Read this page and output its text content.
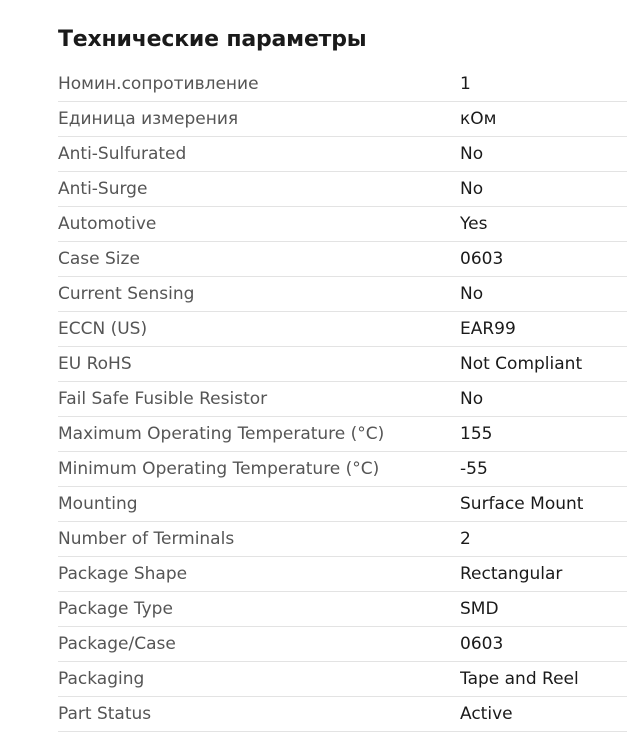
Технические параметры
Номин.сопротивление	1
Единица измерения	кОм
Anti-Sulfurated	No
Anti-Surge	No
Automotive	Yes
Case Size	0603
Current Sensing	No
ECCN (US)	EAR99
EU RoHS	Not Compliant
Fail Safe Fusible Resistor	No
Maximum Operating Temperature (°C)	155
Minimum Operating Temperature (°C)	-55
Mounting	Surface Mount
Number of Terminals	2
Package Shape	Rectangular
Package Type	SMD
Package/Case	0603
Packaging	Tape and Reel
Part Status	Active
